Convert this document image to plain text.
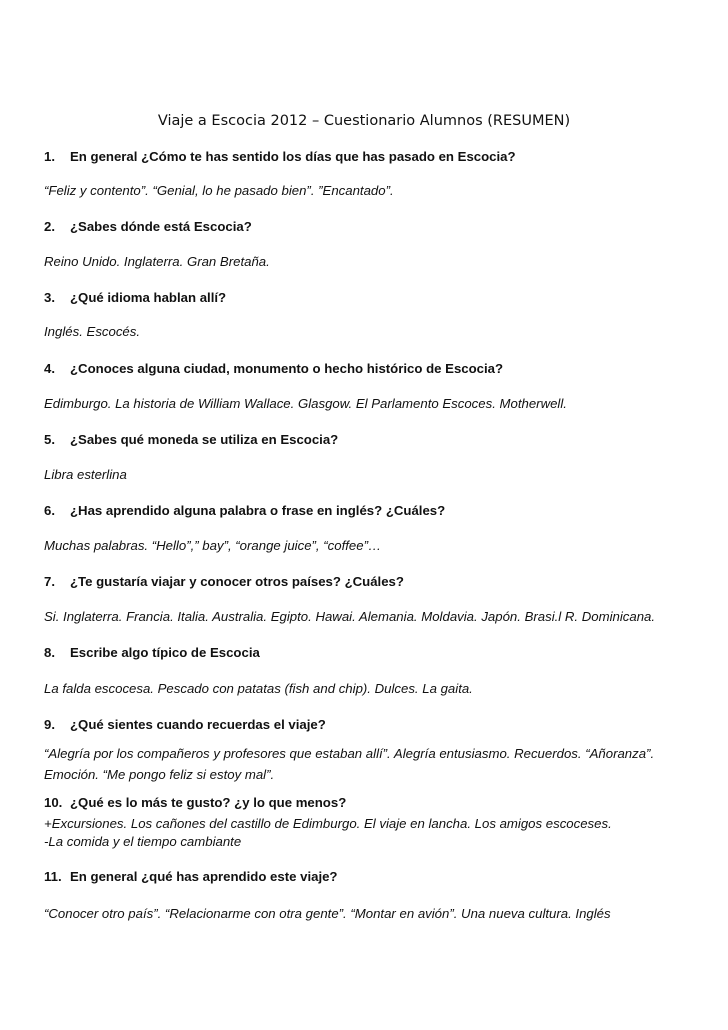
Viaje a Escocia 2012 – Cuestionario Alumnos (RESUMEN)
1. En general ¿Cómo te has sentido los días que has pasado en Escocia?
“Feliz y contento”. “Genial, lo he pasado bien”. ”Encantado”.
2. ¿Sabes dónde está Escocia?
Reino Unido. Inglaterra. Gran Bretaña.
3. ¿Qué idioma hablan allí?
Inglés. Escocés.
4. ¿Conoces alguna ciudad, monumento o hecho histórico de Escocia?
Edimburgo. La historia de William Wallace. Glasgow. El Parlamento Escoces. Motherwell.
5. ¿Sabes qué moneda se utiliza en Escocia?
Libra esterlina
6. ¿Has aprendido alguna palabra o frase en inglés? ¿Cuáles?
Muchas palabras. “Hello”,” bay”, “orange juice”, “coffee”…
7. ¿Te gustaría viajar y conocer otros países? ¿Cuáles?
Si. Inglaterra. Francia. Italia. Australia. Egipto. Hawai. Alemania. Moldavia. Japón. Brasi.l R. Dominicana.
8. Escribe algo típico de Escocia
La falda escocesa. Pescado con patatas (fish and chip). Dulces. La gaita.
9. ¿Qué sientes cuando recuerdas el viaje?
“Alegría por los compañeros y profesores que estaban allí”. Alegría entusiasmo. Recuerdos. “Añoranza”.
Emoción. “Me pongo feliz si estoy mal”.
10. ¿Qué es lo más te gusto? ¿y lo que menos?
+Excursiones. Los cañones del castillo de Edimburgo. El viaje en lancha. Los amigos escoceses.
-La comida y el tiempo cambiante
11. En general ¿qué has aprendido este viaje?
“Conocer otro país”. “Relacionarme con otra gente”. “Montar en avión”. Una nueva cultura. Inglés
